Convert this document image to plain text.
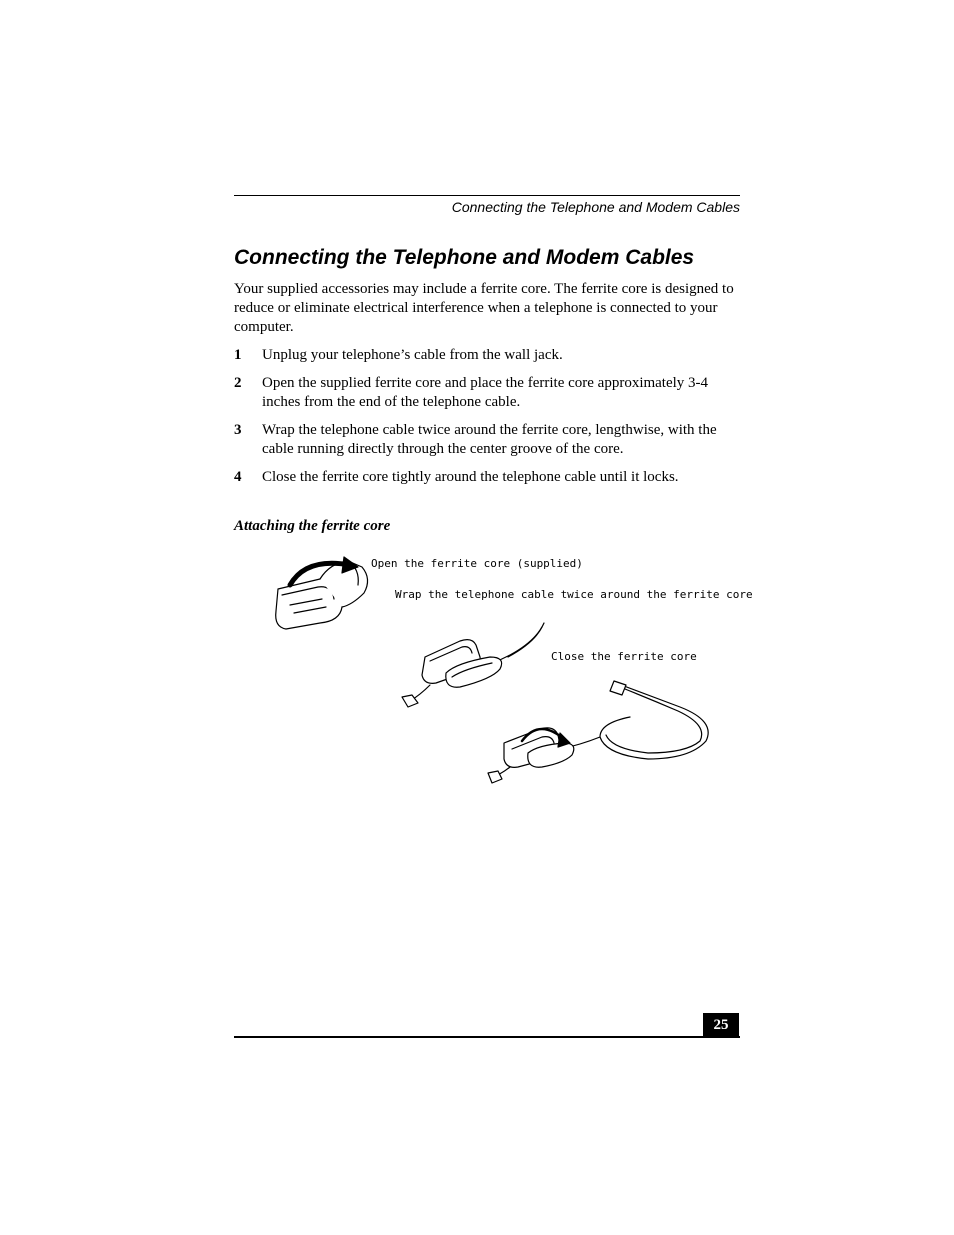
Connecting the Telephone and Modem Cables
Connecting the Telephone and Modem Cables

Your supplied accessories may include a ferrite core. The ferrite core is designed to reduce or eliminate electrical interference when a telephone is connected to your computer.

1 Unplug your telephone’s cable from the wall jack.
2 Open the supplied ferrite core and place the ferrite core approximately 3-4 inches from the end of the telephone cable.
3 Wrap the telephone cable twice around the ferrite core, lengthwise, with the cable running directly through the center groove of the core.
4 Close the ferrite core tightly around the telephone cable until it locks.
Attaching the ferrite core
Open the ferrite core (supplied)
Wrap the telephone cable twice around the ferrite core
Close the ferrite core
25
